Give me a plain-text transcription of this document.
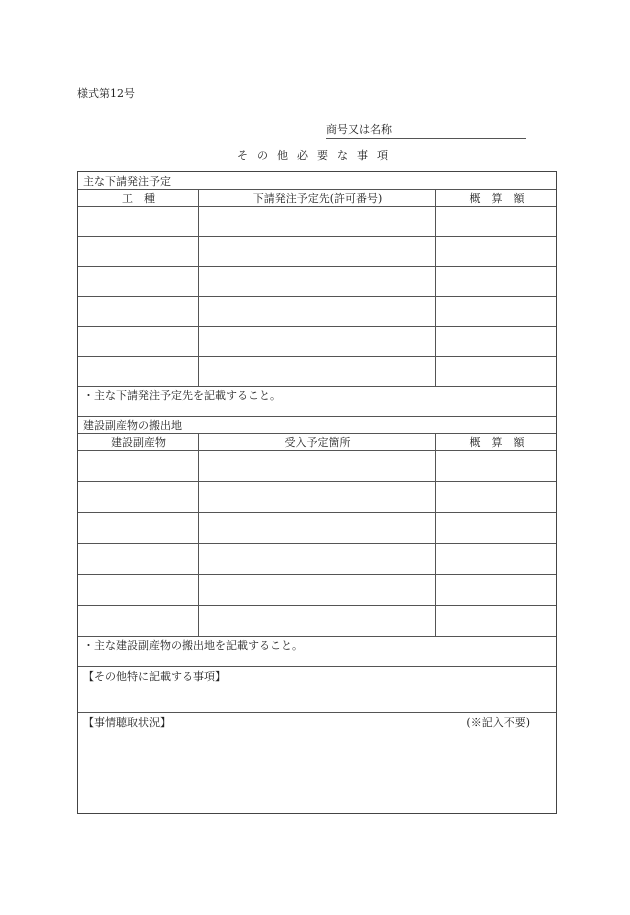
様式第12号
商号又は名称
その他必要な事項
主な下請発注予定
工　種	下請発注予定先(許可番号)	概　算　額
・主な下請発注予定先を記載すること。
建設副産物の搬出地
建設副産物	受入予定箇所	概　算　額
・主な建設副産物の搬出地を記載すること。
【その他特に記載する事項】
【事情聴取状況】	(※記入不要)
